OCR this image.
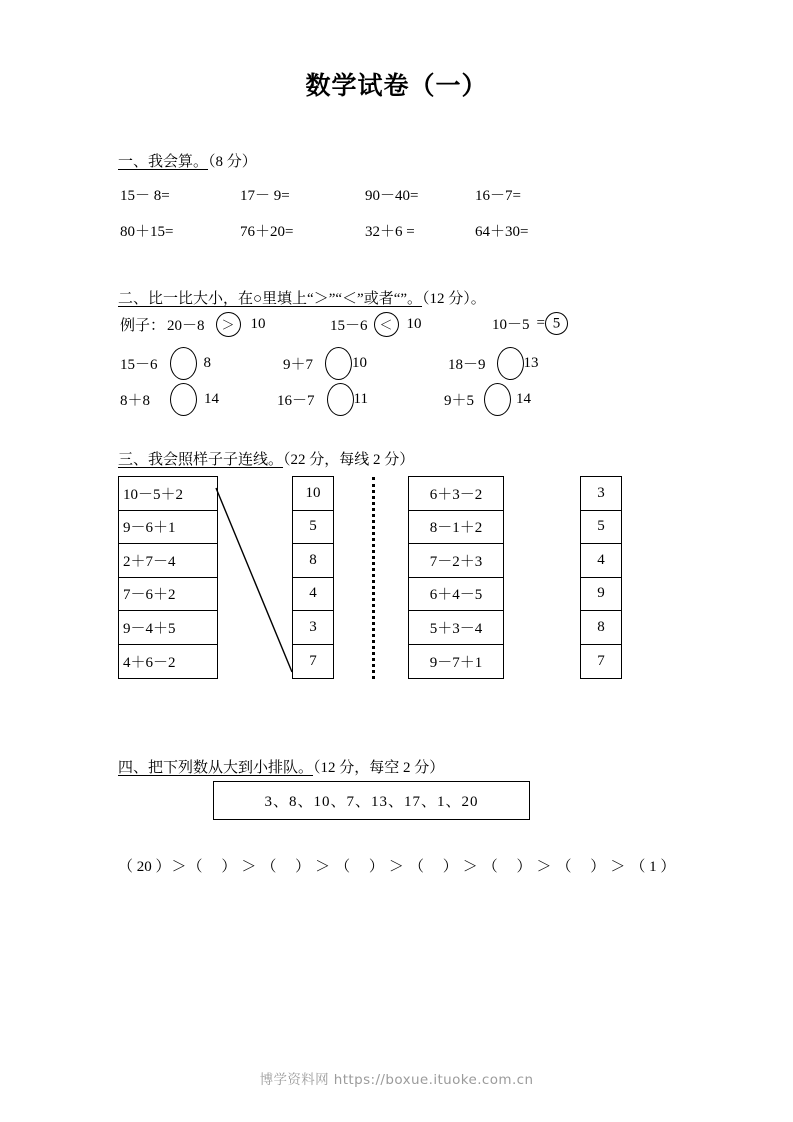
数学试卷（一）
一、我会算。（8 分）
15－ 8=	17－ 9=	90－40=	16－7=
80＋15=	76＋20=	32＋6 =	64＋30=
二、比一比大小，在○里填上“＞”“＜”或者“”。（12 分）。
例子： 20－8 ＞ 10	15－6 ＜ 10	10－5 = 5
15－6	8	9＋7	10	18－9	13
8＋8	14	16－7	11	9＋5	14
三、我会照样子子连线。（22 分，每线 2 分）
10－5＋2
9－6＋1
2＋7－4
7－6＋2
9－4＋5
4＋6－2
10
5
8
4
3
7
6＋3－2
8－1＋2
7－2＋3
6＋4－5
5＋3－4
9－7＋1
3
5
4
9
8
7
四、把下列数从大到小排队。（12 分，每空 2 分）
3、8、10、7、13、17、1、20
（ 20 ）＞（     ） ＞ （     ） ＞ （     ） ＞ （     ） ＞ （     ） ＞ （     ） ＞ （ 1 ）
博学资料网 https://boxue.ituoke.com.cn
